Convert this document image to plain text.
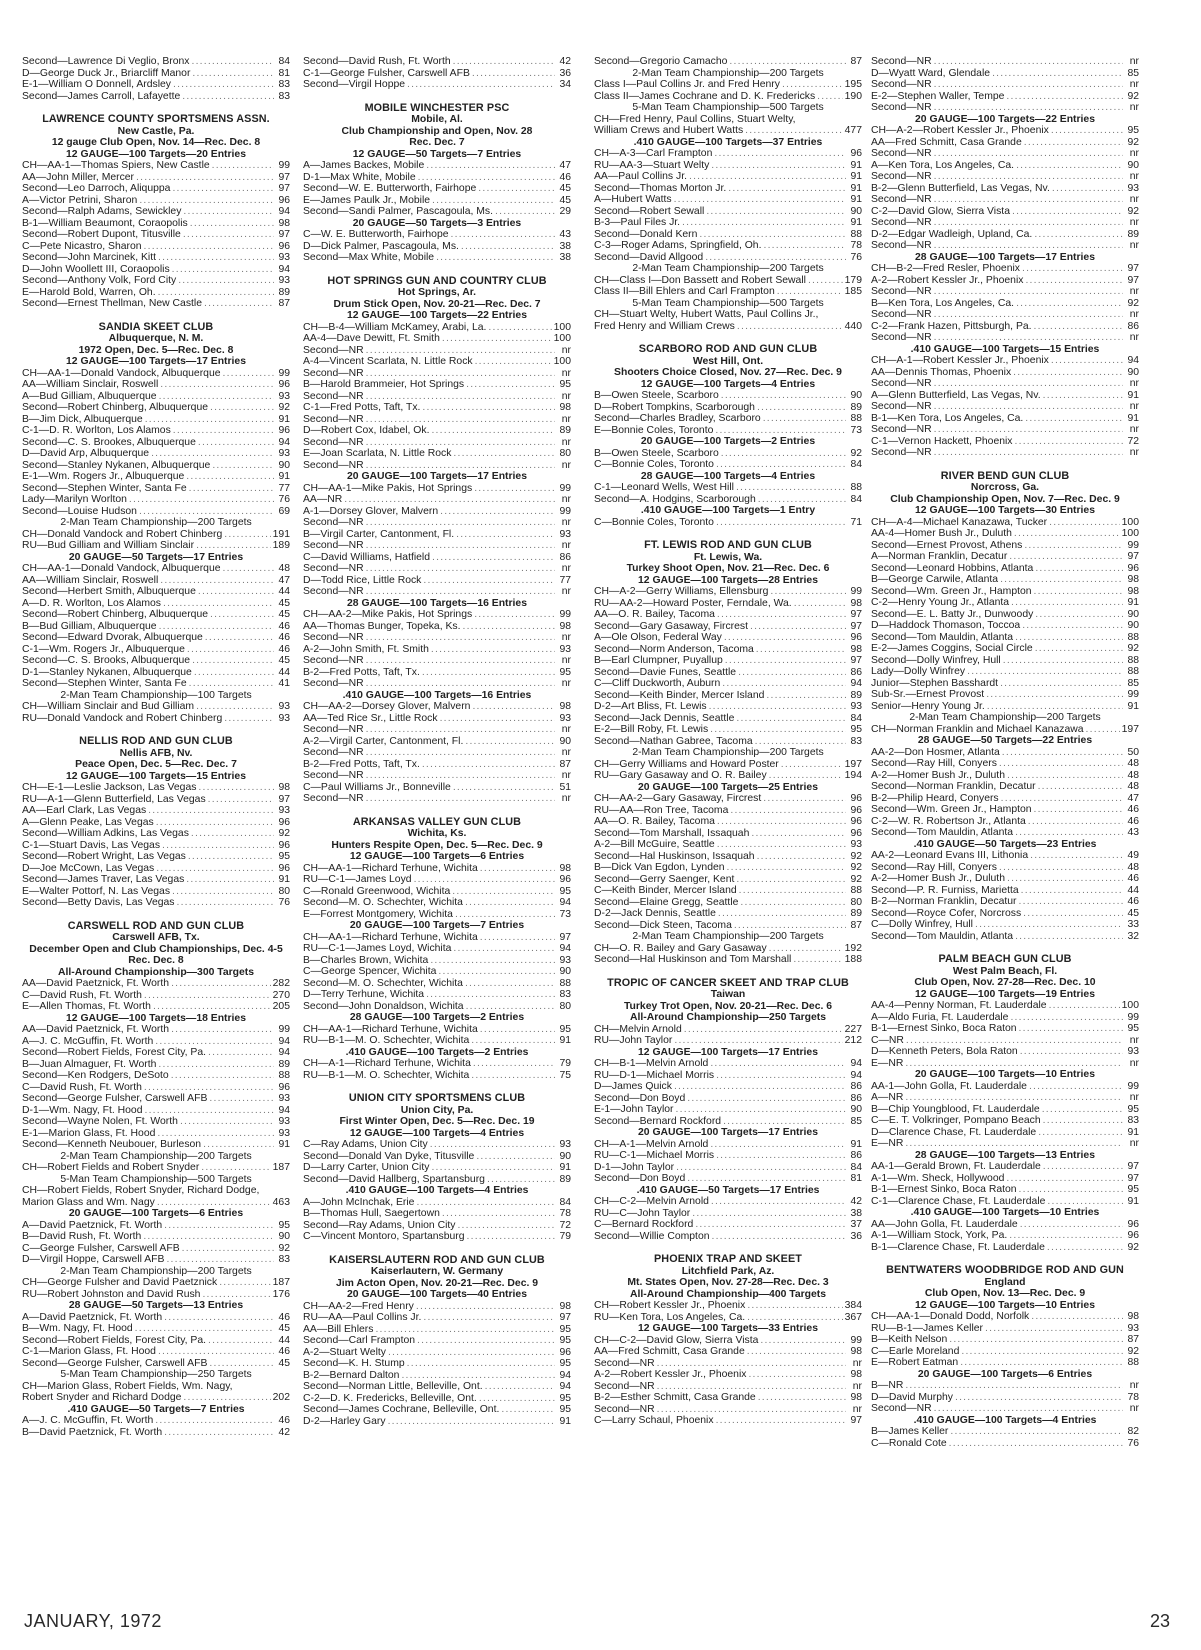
Second—Lawrence Di Veglio, Bronx .....	84
D—George Duck Jr., Briarcliff Manor .....	81
E-1—William O Donnell, Ardsley .....	83
Second—James Carroll, Lafayette .....	83
LAWRENCE COUNTY SPORTSMENS ASSN.
New Castle, Pa.
12 gauge Club Open, Nov. 14—Rec. Dec. 8
12 GAUGE—100 Targets—20 Entries
CH—AA-1—Thomas Spiers, New Castle .....	99
AA—John Miller, Mercer .....	97
Second—Leo Darroch, Aliquppa .....	97
A—Victor Petrini, Sharon .....	96
Second—Ralph Adams, Sewickley .....	94
B-1—William Beaumont, Coraopolis .....	98
Second—Robert Dupont, Titusville .....	97
C—Pete Nicastro, Sharon .....	96
Second—John Marcinek, Kitt .....	93
D—John Woollett III, Coraopolis .....	94
Second—Anthony Volk, Ford City .....	93
E—Harold Bold, Warren, Oh. .....	89
Second—Ernest Thellman, New Castle .....	87
SANDIA SKEET CLUB
Albuquerque, N. M.
1972 Open, Dec. 5—Rec. Dec. 8
12 GAUGE—100 Targets—17 Entries
CH—AA-1—Donald Vandock, Albuquerque .....	99
AA—William Sinclair, Roswell .....	96
A—Bud Gilliam, Albuquerque .....	93
Second—Robert Chinberg, Albuquerque .....	92
B—Jim Dick, Albuquerque .....	91
C-1—D. R. Worlton, Los Alamos .....	96
Second—C. S. Brookes, Albuquerque .....	94
D—David Arp, Albuquerque .....	93
Second—Stanley Nykanen, Albuquerque .....	90
E-1—Wm. Rogers Jr., Albuquerque .....	91
Second—Stephen Winter, Santa Fe .....	77
Lady—Marilyn Worlton .....	76
Second—Louise Hudson .....	69
2-Man Team Championship—200 Targets
CH—Donald Vandock and Robert Chinberg .....	191
RU—Bud Gilliam and William Sinclair .....	189
20 GAUGE—50 Targets—17 Entries
CH—AA-1—Donald Vandock, Albuquerque .....	48
AA—William Sinclair, Roswell .....	47
Second—Herbert Smith, Albuquerque .....	44
A—D. R. Worlton, Los Alamos .....	45
Second—Robert Chinberg, Albuquerque .....	45
B—Bud Gilliam, Albuquerque .....	46
Second—Edward Dvorak, Albuquerque .....	46
C-1—Wm. Rogers Jr., Albuquerque .....	46
Second—C. S. Brooks, Albuquerque .....	45
D-1—Stanley Nykanen, Albuquerque .....	44
Second—Stephen Winter, Santa Fe .....	41
2-Man Team Championship—100 Targets
CH—William Sinclair and Bud Gilliam .....	93
RU—Donald Vandock and Robert Chinberg .....	93
NELLIS ROD AND GUN CLUB
Nellis AFB, Nv.
Peace Open, Dec. 5—Rec. Dec. 7
12 GAUGE—100 Targets—15 Entries
CH—E-1—Leslie Jackson, Las Vegas .....	98
RU—A-1—Glenn Butterfield, Las Vegas .....	97
AA—Earl Clark, Las Vegas .....	93
A—Glenn Peake, Las Vegas .....	96
Second—William Adkins, Las Vegas .....	92
C-1—Stuart Davis, Las Vegas .....	96
Second—Robert Wright, Las Vegas .....	95
D—Joe McCown, Las Vegas .....	96
Second—James Traver, Las Vegas .....	91
E—Walter Pottorf, N. Las Vegas .....	80
Second—Betty Davis, Las Vegas .....	76
CARSWELL ROD AND GUN CLUB
Carswell AFB, Tx.
December Open and Club Championships, Dec. 4-5
Rec. Dec. 8
All-Around Championship—300 Targets
AA—David Paetznick, Ft. Worth .....	282
C—David Rush, Ft. Worth .....	270
E—Allen Thomas, Ft. Worth .....	205
12 GAUGE—100 Targets—18 Entries
AA—David Paetznick, Ft. Worth .....	99
A—J. C. McGuffin, Ft. Worth .....	94
Second—Robert Fields, Forest City, Pa. .....	94
B—Juan Almaguer, Ft. Worth .....	89
Second—Ken Rodgers, DeSoto .....	88
C—David Rush, Ft. Worth .....	96
Second—George Fulsher, Carswell AFB .....	93
D-1—Wm. Nagy, Ft. Hood .....	94
Second—Wayne Nolen, Ft. Worth .....	93
E-1—Marion Glass, Ft. Hood .....	93
Second—Kenneth Neubouer, Burleson .....	91
2-Man Team Championship—200 Targets
CH—Robert Fields and Robert Snyder .....	187
5-Man Team Championship—500 Targets
CH—Robert Fields, Robert Snyder, Richard Dodge,
Marion Glass and Wm. Nagy .....	463
20 GAUGE—100 Targets—6 Entries
A—David Paetznick, Ft. Worth .....	95
B—David Rush, Ft. Worth .....	90
C—George Fulsher, Carswell AFB .....	92
D—Virgil Hoppe, Carswell AFB .....	83
2-Man Team Championship—200 Targets
CH—George Fulsher and David Paetznick .....	187
RU—Robert Johnston and David Rush .....	176
28 GAUGE—50 Targets—13 Entries
A—David Paetznick, Ft. Worth .....	46
B—Wm. Nagy, Ft. Hood .....	45
Second—Robert Fields, Forest City, Pa. .....	44
C-1—Marion Glass, Ft. Hood .....	46
Second—George Fulsher, Carswell AFB .....	45
5-Man Team Championship—250 Targets
CH—Marion Glass, Robert Fields, Wm. Nagy,
Robert Snyder and Richard Dodge .....	202
.410 GAUGE—50 Targets—7 Entries
A—J. C. McGuffin, Ft. Worth .....	46
B—David Paetznick, Ft. Worth .....	42
Second—David Rush, Ft. Worth .....	42
C-1—George Fulsher, Carswell AFB .....	36
Second—Virgil Hoppe .....	34
MOBILE WINCHESTER PSC
Mobile, Al.
Club Championship and Open, Nov. 28
Rec. Dec. 7
12 GAUGE—50 Targets—7 Entries
A—James Backes, Mobile .....	47
D-1—Max White, Mobile .....	46
Second—W. E. Butterworth, Fairhope .....	45
E—James Paulk Jr., Mobile .....	45
Second—Sandi Palmer, Pascagoula, Ms. .....	29
20 GAUGE—50 Targets—3 Entries
C—W. E. Butterworth, Fairhope .....	43
D—Dick Palmer, Pascagoula, Ms. .....	38
Second—Max White, Mobile .....	38
HOT SPRINGS GUN AND COUNTRY CLUB
Hot Springs, Ar.
Drum Stick Open, Nov. 20-21—Rec. Dec. 7
12 GAUGE—100 Targets—22 Entries
CH—B-4—William McKamey, Arabi, La. .....	100
AA-4—Dave Dewitt, Ft. Smith .....	100
Second—NR .....	nr
A-4—Vincent Scarlata, N. Little Rock .....	100
Second—NR .....	nr
B—Harold Brammeier, Hot Springs .....	95
Second—NR .....	nr
C-1—Fred Potts, Taft, Tx. .....	98
Second—NR .....	nr
D—Robert Cox, Idabel, Ok. .....	89
Second—NR .....	nr
E—Joan Scarlata, N. Little Rock .....	80
Second—NR .....	nr
20 GAUGE—100 Targets—17 Entries
CH—AA-1—Mike Pakis, Hot Springs .....	99
AA—NR .....	nr
A-1—Dorsey Glover, Malvern .....	99
Second—NR .....	nr
B—Virgil Carter, Cantonment, Fl. .....	93
Second—NR .....	nr
C—David Williams, Hatfield .....	86
Second—NR .....	nr
D—Todd Rice, Little Rock .....	77
Second—NR .....	nr
28 GAUGE—100 Targets—16 Entries
CH—AA-2—Mike Pakis, Hot Springs .....	99
AA—Thomas Bunger, Topeka, Ks. .....	98
Second—NR .....	nr
A-2—John Smith, Ft. Smith .....	93
Second—NR .....	nr
B-2—Fred Potts, Taft, Tx. .....	95
Second—NR .....	nr
.410 GAUGE—100 Targets—16 Entries
CH—AA-2—Dorsey Glover, Malvern .....	98
AA—Ted Rice Sr., Little Rock .....	93
Second—NR .....	nr
A-2—Virgil Carter, Cantonment, Fl. .....	90
Second—NR .....	nr
B-2—Fred Potts, Taft, Tx. .....	87
Second—NR .....	nr
C—Paul Williams Jr., Bonneville .....	51
Second—NR .....	nr
ARKANSAS VALLEY GUN CLUB
Wichita, Ks.
Hunters Respite Open, Dec. 5—Rec. Dec. 9
12 GAUGE—100 Targets—6 Entries
CH—AA-1—Richard Terhune, Wichita .....	98
RU—C-1—James Loyd .....	96
C—Ronald Greenwood, Wichita .....	95
Second—M. O. Schechter, Wichita .....	94
E—Forrest Montgomery, Wichita .....	73
20 GAUGE—100 Targets—7 Entries
CH—AA-1—Richard Terhune, Wichita .....	97
RU—C-1—James Loyd, Wichita .....	94
B—Charles Brown, Wichita .....	93
C—George Spencer, Wichita .....	90
Second—M. O. Schechter, Wichita .....	88
D—Terry Terhune, Wichita .....	83
Second—John Donaldson, Wichita .....	80
28 GAUGE—100 Targets—2 Entries
CH—AA-1—Richard Terhune, Wichita .....	95
RU—B-1—M. O. Schechter, Wichita .....	91
.410 GAUGE—100 Targets—2 Entries
CH—A-1—Richard Terhune, Wichita .....	79
RU—B-1—M. O. Schechter, Wichita .....	75
UNION CITY SPORTSMENS CLUB
Union City, Pa.
First Winter Open, Dec. 5—Rec. Dec. 19
12 GAUGE—100 Targets—4 Entries
C—Ray Adams, Union City .....	93
Second—Donald Van Dyke, Titusville .....	90
D—Larry Carter, Union City .....	91
Second—David Hallberg, Spartansburg .....	89
.410 GAUGE—100 Targets—4 Entries
A—John McInchak, Erie .....	84
B—Thomas Hull, Saegertown .....	78
Second—Ray Adams, Union City .....	72
C—Vincent Montoro, Spartansburg .....	79
KAISERSLAUTERN ROD AND GUN CLUB
Kaiserlautern, W. Germany
Jim Acton Open, Nov. 20-21—Rec. Dec. 9
20 GAUGE—100 Targets—40 Entries
CH—AA-2—Fred Henry .....	98
RU—AA—Paul Collins Jr. .....	97
AA—Bill Ehlers .....	95
Second—Carl Frampton .....	95
A-2—Stuart Welty .....	96
Second—K. H. Stump .....	95
B-2—Bernard Dalton .....	94
Second—Norman Little, Belleville, Ont. .....	94
C-2—D. K. Fredericks, Belleville, Ont. .....	95
Second—James Cochrane, Belleville, Ont. .....	95
D-2—Harley Gary .....	91
Second—Gregorio Camacho .....	87
2-Man Team Championship—200 Targets
Class I—Paul Collins Jr. and Fred Henry .....	195
Class II—James Cochrane and D. K. Fredericks .....	190
5-Man Team Championship—500 Targets
CH—Fred Henry, Paul Collins, Stuart Welty,
William Crews and Hubert Watts .....	477
.410 GAUGE—100 Targets—37 Entries
CH—A-3—Carl Frampton .....	96
RU—AA-3—Stuart Welty .....	91
AA—Paul Collins Jr. .....	91
Second—Thomas Morton Jr. .....	91
A—Hubert Watts .....	91
Second—Robert Sewall .....	90
B-3—Paul Files Jr. .....	91
Second—Donald Kern .....	88
C-3—Roger Adams, Springfield, Oh. .....	78
Second—David Allgood .....	76
2-Man Team Championship—200 Targets
CH—Class I—Don Bassett and Robert Sewall .....	179
Class II—Bill Ehlers and Carl Frampton .....	185
5-Man Team Championship—500 Targets
CH—Stuart Welty, Hubert Watts, Paul Collins Jr.,
Fred Henry and William Crews .....	440
SCARBORO ROD AND GUN CLUB
West Hill, Ont.
Shooters Choice Closed, Nov. 27—Rec. Dec. 9
12 GAUGE—100 Targets—4 Entries
B—Owen Steele, Scarboro .....	90
D—Robert Tompkins, Scarborough .....	89
Second—Charles Bradley, Scarboro .....	88
E—Bonnie Coles, Toronto .....	73
20 GAUGE—100 Targets—2 Entries
B—Owen Steele, Scarboro .....	92
C—Bonnie Coles, Toronto .....	84
28 GAUGE—100 Targets—4 Entries
C-1—Leonard Wells, West Hill .....	88
Second—A. Hodgins, Scarborough .....	84
.410 GAUGE—100 Targets—1 Entry
C—Bonnie Coles, Toronto .....	71
FT. LEWIS ROD AND GUN CLUB
Ft. Lewis, Wa.
Turkey Shoot Open, Nov. 21—Rec. Dec. 6
12 GAUGE—100 Targets—28 Entries
CH—A-2—Gerry Williams, Ellensburg .....	99
RU—AA-2—Howard Poster, Ferndale, Wa. .....	98
AA—O. R. Bailey, Tacoma .....	97
Second—Gary Gasaway, Fircrest .....	97
A—Ole Olson, Federal Way .....	96
Second—Norm Anderson, Tacoma .....	98
B—Earl Clumpner, Puyallup .....	97
Second—Davie Funes, Seattle .....	86
C—Cliff Duckworth, Auburn .....	94
Second—Keith Binder, Mercer Island .....	89
D-2—Art Bliss, Ft. Lewis .....	93
Second—Jack Dennis, Seattle .....	84
E-2—Bill Roby, Ft. Lewis .....	95
Second—Nathan Gabree, Tacoma .....	83
2-Man Team Championship—200 Targets
CH—Gerry Williams and Howard Poster .....	197
RU—Gary Gasaway and O. R. Bailey .....	194
20 GAUGE—100 Targets—25 Entries
CH—AA-2—Gary Gasaway, Fircrest .....	96
RU—AA—Ron Tree, Tacoma .....	96
AA—O. R. Bailey, Tacoma .....	96
Second—Tom Marshall, Issaquah .....	96
A-2—Bill McGuire, Seattle .....	93
Second—Hal Huskinson, Issaquah .....	92
B—Dick Van Egdon, Lynden .....	92
Second—Gerry Saenger, Kent .....	92
C—Keith Binder, Mercer Island .....	88
Second—Elaine Gregg, Seattle .....	80
D-2—Jack Dennis, Seattle .....	89
Second—Dick Steen, Tacoma .....	87
2-Man Team Championship—200 Targets
CH—O. R. Bailey and Gary Gasaway .....	192
Second—Hal Huskinson and Tom Marshall .....	188
TROPIC OF CANCER SKEET AND TRAP CLUB
Taiwan
Turkey Trot Open, Nov. 20-21—Rec. Dec. 6
All-Around Championship—250 Targets
CH—Melvin Arnold .....	227
RU—John Taylor .....	212
12 GAUGE—100 Targets—17 Entries
CH—B-1—Melvin Arnold .....	94
RU—D-1—Michael Morris .....	94
D—James Quick .....	86
Second—Don Boyd .....	86
E-1—John Taylor .....	90
Second—Bernard Rockford .....	85
20 GAUGE—100 Targets—17 Entries
CH—A-1—Melvin Arnold .....	91
RU—C-1—Michael Morris .....	86
D-1—John Taylor .....	84
Second—Don Boyd .....	81
.410 GAUGE—50 Targets—17 Entries
CH—C-2—Melvin Arnold .....	42
RU—C—John Taylor .....	38
C—Bernard Rockford .....	37
Second—Willie Compton .....	36
PHOENIX TRAP AND SKEET
Litchfield Park, Az.
Mt. States Open, Nov. 27-28—Rec. Dec. 3
All-Around Championship—400 Targets
CH—Robert Kessler Jr., Phoenix .....	384
RU—Ken Tora, Los Angeles, Ca. .....	367
12 GAUGE—100 Targets—33 Entries
CH—C-2—David Glow, Sierra Vista .....	99
AA—Fred Schmitt, Casa Grande .....	98
Second—NR .....	nr
A-2—Robert Kessler Jr., Phoenix .....	98
Second—NR .....	nr
B-2—Esther Schmitt, Casa Grande .....	98
Second—NR .....	nr
C—Larry Schaul, Phoenix .....	97
Second—NR .....	nr
D—Wyatt Ward, Glendale .....	85
Second—NR .....	nr
E-2—Stephen Waller, Tempe .....	92
Second—NR .....	nr
20 GAUGE—100 Targets—22 Entries
CH—A-2—Robert Kessler Jr., Phoenix .....	95
AA—Fred Schmitt, Casa Grande .....	92
Second—NR .....	nr
A—Ken Tora, Los Angeles, Ca. .....	90
Second—NR .....	nr
B-2—Glenn Butterfield, Las Vegas, Nv. .....	93
Second—NR .....	nr
C-2—David Glow, Sierra Vista .....	92
Second—NR .....	nr
D-2—Edgar Wadleigh, Upland, Ca. .....	89
Second—NR .....	nr
28 GAUGE—100 Targets—17 Entries
CH—B-2—Fred Resler, Phoenix .....	97
A-2—Robert Kessler Jr., Phoenix .....	97
Second—NR .....	nr
B—Ken Tora, Los Angeles, Ca. .....	92
Second—NR .....	nr
C-2—Frank Hazen, Pittsburgh, Pa. .....	86
Second—NR .....	nr
.410 GAUGE—100 Targets—15 Entries
CH—A-1—Robert Kessler Jr., Phoenix .....	94
AA—Dennis Thomas, Phoenix .....	90
Second—NR .....	nr
A—Glenn Butterfield, Las Vegas, Nv. .....	91
Second—NR .....	nr
B-1—Ken Tora, Los Angeles, Ca. .....	91
Second—NR .....	nr
C-1—Vernon Hackett, Phoenix .....	72
Second—NR .....	nr
RIVER BEND GUN CLUB
Norcross, Ga.
Club Championship Open, Nov. 7—Rec. Dec. 9
12 GAUGE—100 Targets—30 Entries
CH—A-4—Michael Kanazawa, Tucker .....	100
AA-4—Homer Bush Jr., Duluth .....	100
Second—Ernest Provost, Athens .....	99
A—Norman Franklin, Decatur .....	97
Second—Leonard Hobbins, Atlanta .....	96
B—George Carwile, Atlanta .....	98
Second—Wm. Green Jr., Hampton .....	98
C-2—Henry Young Jr., Atlanta .....	91
Second—E. L. Batty Jr., Dunwoody .....	90
D—Haddock Thomason, Toccoa .....	90
Second—Tom Mauldin, Atlanta .....	88
E-2—James Coggins, Social Circle .....	92
Second—Dolly Winfrey, Hull .....	88
Lady—Dolly Winfrey .....	88
Junior—Stephen Basshardt .....	85
Sub-Sr.—Ernest Provost .....	99
Senior—Henry Young Jr. .....	91
2-Man Team Championship—200 Targets
CH—Norman Franklin and Michael Kanazawa .....	197
28 GAUGE—50 Targets—22 Entries
AA-2—Don Hosmer, Atlanta .....	50
Second—Ray Hill, Conyers .....	48
A-2—Homer Bush Jr., Duluth .....	48
Second—Norman Franklin, Decatur .....	48
B-2—Philip Heard, Conyers .....	47
Second—Wm. Green Jr., Hampton .....	46
C-2—W. R. Robertson Jr., Atlanta .....	46
Second—Tom Mauldin, Atlanta .....	43
.410 GAUGE—50 Targets—23 Entries
AA-2—Leonard Evans III, Lithonia .....	49
Second—Ray Hill, Conyers .....	48
A-2—Homer Bush Jr., Duluth .....	46
Second—P. R. Furniss, Marietta .....	44
B-2—Norman Franklin, Decatur .....	46
Second—Royce Cofer, Norcross .....	45
C—Dolly Winfrey, Hull .....	33
Second—Tom Mauldin, Atlanta .....	32
PALM BEACH GUN CLUB
West Palm Beach, Fl.
Club Open, Nov. 27-28—Rec. Dec. 10
12 GAUGE—100 Targets—19 Entries
AA-4—Penny Norman, Ft. Lauderdale .....	100
A—Aldo Furia, Ft. Lauderdale .....	99
B-1—Ernest Sinko, Boca Raton .....	95
C—NR .....	nr
D—Kenneth Peters, Bola Raton .....	93
E—NR .....	nr
20 GAUGE—100 Targets—10 Entries
AA-1—John Golla, Ft. Lauderdale .....	99
A—NR .....	nr
B—Chip Youngblood, Ft. Lauderdale .....	95
C—E. T. Volkringer, Pompano Beach .....	83
D—Clarence Chase, Ft. Lauderdale .....	91
E—NR .....	nr
28 GAUGE—100 Targets—13 Entries
AA-1—Gerald Brown, Ft. Lauderdale .....	97
A-1—Wm. Sheck, Hollywood .....	97
B-1—Ernest Sinko, Boca Raton .....	95
C-1—Clarence Chase, Ft. Lauderdale .....	91
.410 GAUGE—100 Targets—10 Entries
AA—John Golla, Ft. Lauderdale .....	96
A-1—William Stock, York, Pa. .....	96
B-1—Clarence Chase, Ft. Lauderdale .....	92
BENTWATERS WOODBRIDGE ROD AND GUN
England
Club Open, Nov. 13—Rec. Dec. 9
12 GAUGE—100 Targets—10 Entries
CH—AA-1—Donald Dodd, Norfolk .....	98
RU—B-1—James Keller .....	93
B—Keith Nelson .....	87
C—Earle Moreland .....	92
E—Robert Eatman .....	88
20 GAUGE—100 Targets—6 Entries
B—NR .....	nr
D—David Murphy .....	78
Second—NR .....	nr
.410 GAUGE—100 Targets—4 Entries
B—James Keller .....	82
C—Ronald Cote .....	76
JANUARY, 1972	23
